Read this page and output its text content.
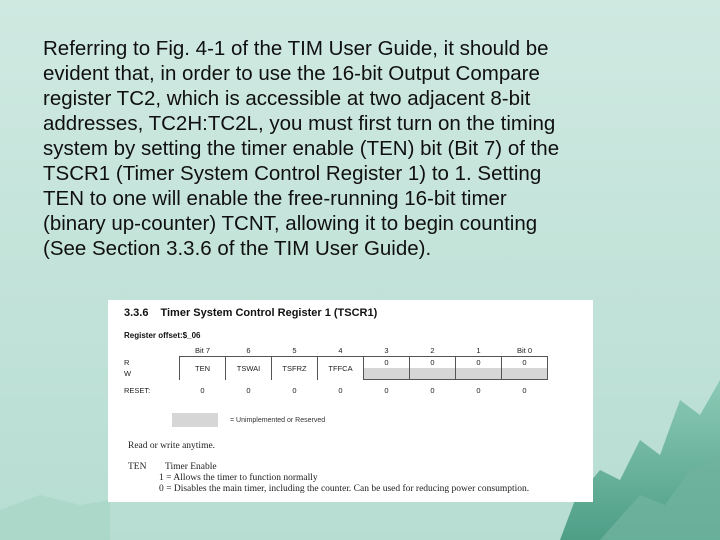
Referring to Fig. 4-1 of the TIM User Guide, it should be
evident that, in order to use the 16-bit Output Compare
register TC2, which is accessible at two adjacent 8-bit
addresses, TC2H:TC2L, you must first turn on the timing
system by setting the timer enable (TEN) bit (Bit 7) of the
TSCR1 (Timer System Control Register 1) to 1. Setting
TEN to one will enable the free-running 16-bit timer
(binary up-counter) TCNT, allowing it to begin counting
(See Section 3.3.6 of the TIM User Guide).

3.3.6 Timer System Control Register 1 (TSCR1)
Register offset:$_06
	Bit 7	6	5	4	3	2	1	Bit 0
R	TEN	TSWAI	TSFRZ	TFFCA	0	0	0	0
W								

RESET:	0	0	0	0	0	0	0	0
= Unimplemented or Reserved
Read or write anytime.
TEN Timer Enable
1 = Allows the timer to function normally
0 = Disables the main timer, including the counter. Can be used for reducing power consumption.
